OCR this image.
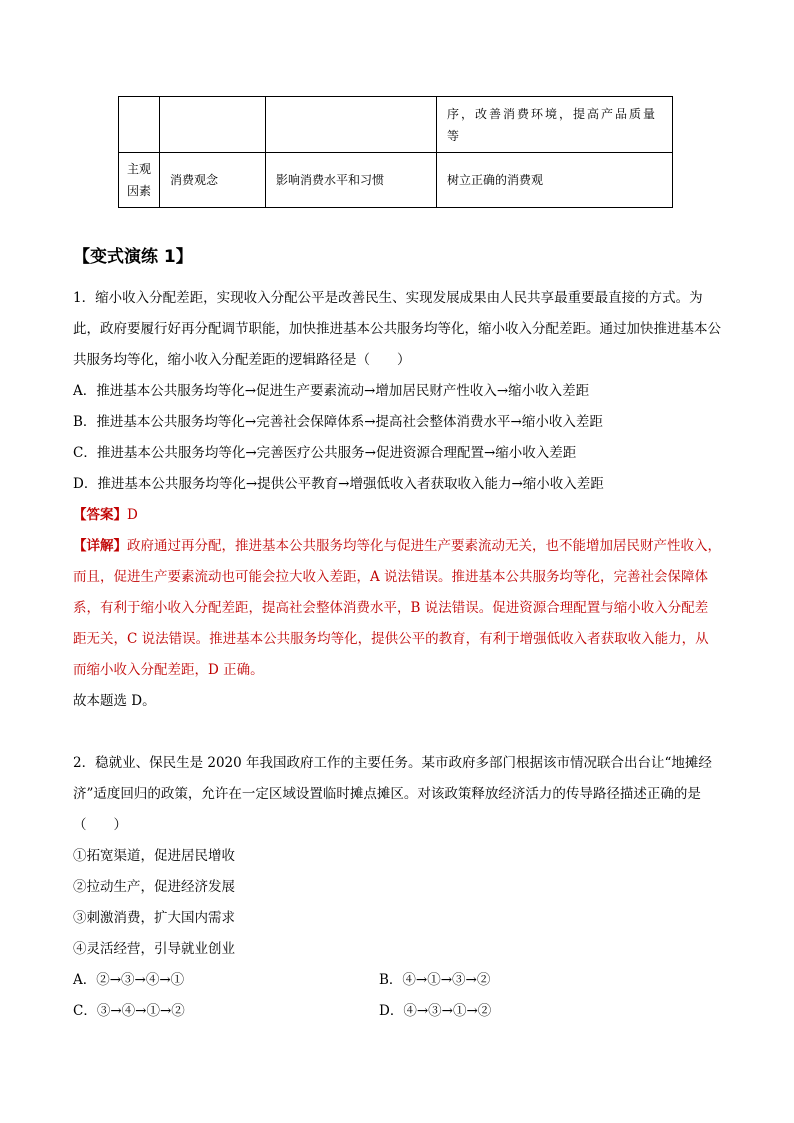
			序，改善消费环境，提高产品质量等
主观因素	消费观念	影响消费水平和习惯	树立正确的消费观
【变式演练 1】

1．缩小收入分配差距，实现收入分配公平是改善民生、实现发展成果由人民共享最重要最直接的方式。为此，政府要履行好再分配调节职能，加快推进基本公共服务均等化，缩小收入分配差距。通过加快推进基本公共服务均等化，缩小收入分配差距的逻辑路径是（　　）

A．推进基本公共服务均等化→促进生产要素流动→增加居民财产性收入→缩小收入差距

B．推进基本公共服务均等化→完善社会保障体系→提高社会整体消费水平→缩小收入差距

C．推进基本公共服务均等化→完善医疗公共服务→促进资源合理配置→缩小收入差距

D．推进基本公共服务均等化→提供公平教育→增强低收入者获取收入能力→缩小收入差距

【答案】D

【详解】政府通过再分配，推进基本公共服务均等化与促进生产要素流动无关，也不能增加居民财产性收入，而且，促进生产要素流动也可能会拉大收入差距，A 说法错误。推进基本公共服务均等化，完善社会保障体系，有利于缩小收入分配差距，提高社会整体消费水平，B 说法错误。促进资源合理配置与缩小收入分配差距无关，C 说法错误。推进基本公共服务均等化，提供公平的教育，有利于增强低收入者获取收入能力，从而缩小收入分配差距，D 正确。

故本题选 D。

2．稳就业、保民生是 2020 年我国政府工作的主要任务。某市政府多部门根据该市情况联合出台让“地摊经济”适度回归的政策，允许在一定区域设置临时摊点摊区。对该政策释放经济活力的传导路径描述正确的是（　　）

①拓宽渠道，促进居民增收

②拉动生产，促进经济发展

③刺激消费，扩大国内需求

④灵活经营，引导就业创业

A．②→③→④→①	B．④→①→③→②
C．③→④→①→②	D．④→③→①→②
